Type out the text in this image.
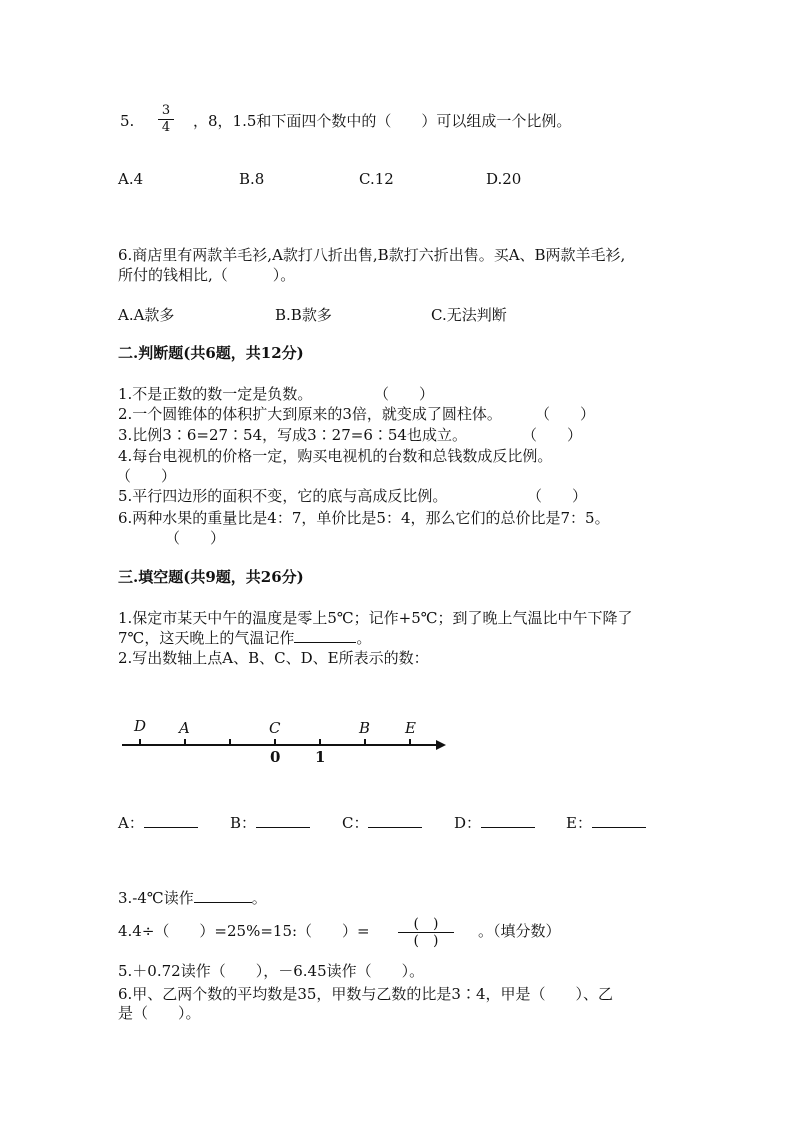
5.
3
4 ，8，1.5和下面四个数中的（　　）可以组成一个比例。
A.4	B.8	C.12	D.20
6.商店里有两款羊毛衫,A款打八折出售,B款打六折出售。买A、B两款羊毛衫,
所付的钱相比,（　　　）。
A.A款多	B.B款多	C.无法判断
二.判断题(共6题，共12分)
1.不是正数的数一定是负数。	（　　）
2.一个圆锥体的体积扩大到原来的3倍，就变成了圆柱体。 （　　）
3.比例3∶6=27∶54，写成3∶27=6∶54也成立。	（　　）
4.每台电视机的价格一定，购买电视机的台数和总钱数成反比例。
（　　）
5.平行四边形的面积不变，它的底与高成反比例。	（　　）
6.两种水果的重量比是4：7，单价比是5：4，那么它们的总价比是7：5。
（　　）
三.填空题(共9题，共26分)
1.保定市某天中午的温度是零上5℃；记作+5℃；到了晚上气温比中午下降了
7℃，这天晚上的气温记作	。
2.写出数轴上点A、B、C、D、E所表示的数：
D A	C	B E
0 1
A：	B：	C：	D：	E：
3.-4℃读作	。
4.4÷（　　）=25%=15:（　　）=	(　)
(　)
。（填分数）
5.＋0.72读作（　　），－6.45读作（　　）。
6.甲、乙两个数的平均数是35，甲数与乙数的比是3∶4，甲是（　　）、乙
是（　　）。
